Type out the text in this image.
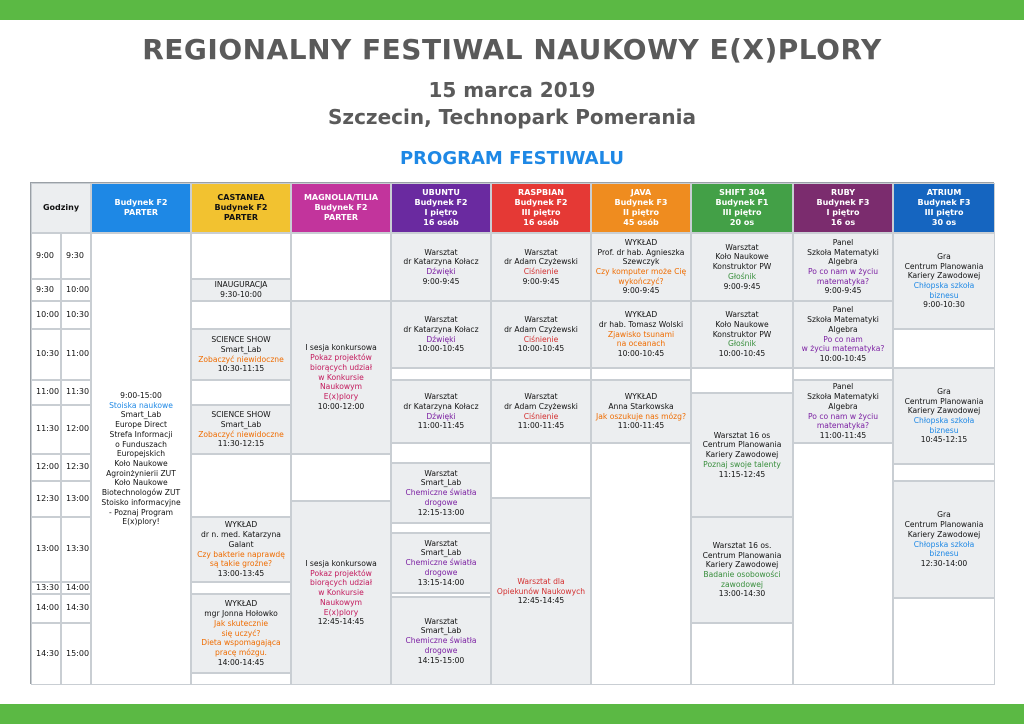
REGIONALNY FESTIWAL NAUKOWY E(X)PLORY
15 marca 2019
Szczecin, Technopark Pomerania
PROGRAM FESTIWALU
Godziny
Budynek F2
PARTER
CASTANEA
Budynek F2
PARTER
MAGNOLIA/TILIA
Budynek F2
PARTER
UBUNTU
Budynek F2
I piętro
16 osób
RASPBIAN
Budynek F2
III piętro
16 osób
JAVA
Budynek F3
II piętro
45 osób
SHIFT 304
Budynek F1
III piętro
20 os
RUBY
Budynek F3
I piętro
16 os
ATRIUM
Budynek F3
III piętro
30 os
9:00 9:30
9:30 10:00
10:00 10:30
10:30 11:00
11:00 11:30
11:30 12:00
12:00 12:30
12:30 13:00
13:00 13:30
13:30 14:00
14:00 14:30
14:30 15:00
9:00-15:00
Stoiska naukowe
Smart_Lab
Europe Direct
Strefa Informacji
o Funduszach
Europejskich
Koło Naukowe
Agroinżynierii ZUT
Koło Naukowe
Biotechnologów ZUT
Stoisko informacyjne
- Poznaj Program
E(x)plory!
INAUGURACJA
9:30-10:00
SCIENCE SHOW
Smart_Lab
Zobaczyć niewidoczne
10:30-11:15
SCIENCE SHOW
Smart_Lab
Zobaczyć niewidoczne
11:30-12:15
WYKŁAD
dr n. med. Katarzyna
Galant
Czy bakterie naprawdę
są takie groźne?
13:00-13:45
WYKŁAD
mgr Jonna Hołowko
Jak skutecznie
się uczyć?
Dieta wspomagająca
pracę mózgu.
14:00-14:45
I sesja konkursowa
Pokaz projektów
biorących udział
w Konkursie
Naukowym
E(x)plory
10:00-12:00
I sesja konkursowa
Pokaz projektów
biorących udział
w Konkursie
Naukowym
E(x)plory
12:45-14:45
Warsztat
dr Katarzyna Kołacz
Dźwięki
9:00-9:45
Warsztat
dr Katarzyna Kołacz
Dźwięki
10:00-10:45
Warsztat
dr Katarzyna Kołacz
Dźwięki
11:00-11:45
Warsztat
Smart_Lab
Chemiczne światła
drogowe
12:15-13:00
Warsztat
Smart_Lab
Chemiczne światła
drogowe
13:15-14:00
Warsztat
Smart_Lab
Chemiczne światła
drogowe
14:15-15:00
Warsztat
dr Adam Czyżewski
Ciśnienie
9:00-9:45
Warsztat
dr Adam Czyżewski
Ciśnienie
10:00-10:45
Warsztat
dr Adam Czyżewski
Ciśnienie
11:00-11:45
Warsztat dla
Opiekunów Naukowych
12:45-14:45
WYKŁAD
Prof. dr hab. Agnieszka
Szewczyk
Czy komputer może Cię
wykończyć?
9:00-9:45
WYKŁAD
dr hab. Tomasz Wolski
Zjawisko tsunami
na oceanach
10:00-10:45
WYKŁAD
Anna Starkowska
Jak oszukuje nas mózg?
11:00-11:45
Warsztat
Koło Naukowe
Konstruktor PW
Głośnik
9:00-9:45
Warsztat
Koło Naukowe
Konstruktor PW
Głośnik
10:00-10:45
Warsztat 16 os
Centrum Planowania
Kariery Zawodowej
Poznaj swoje talenty
11:15-12:45
Warsztat 16 os.
Centrum Planowania
Kariery Zawodowej
Badanie osobowości
zawodowej
13:00-14:30
Panel
Szkoła Matematyki
Algebra
Po co nam w życiu
matematyka?
9:00-9:45
Panel
Szkoła Matematyki
Algebra
Po co nam
w życiu matematyka?
10:00-10:45
Panel
Szkoła Matematyki
Algebra
Po co nam w życiu
matematyka?
11:00-11:45
Gra
Centrum Planowania
Kariery Zawodowej
Chłopska szkoła
biznesu
9:00-10:30
Gra
Centrum Planowania
Kariery Zawodowej
Chłopska szkoła
biznesu
10:45-12:15
Gra
Centrum Planowania
Kariery Zawodowej
Chłopska szkoła
biznesu
12:30-14:00
